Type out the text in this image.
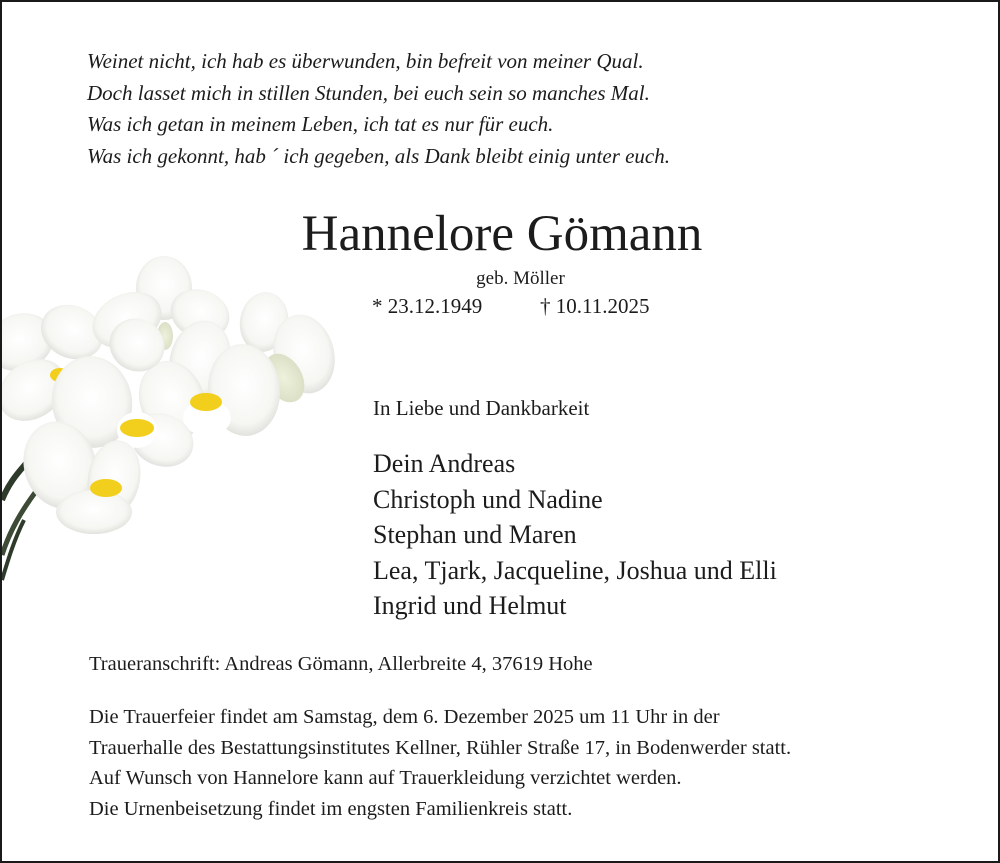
Weinet nicht, ich hab es überwunden, bin befreit von meiner Qual.
Doch lasset mich in stillen Stunden, bei euch sein so manches Mal.
Was ich getan in meinem Leben, ich tat es nur für euch.
Was ich gekonnt, hab ´ ich gegeben, als Dank bleibt einig unter euch.
Hannelore Gömann
geb. Möller
* 23.12.1949	† 10.11.2025
In Liebe und Dankbarkeit
Dein Andreas
Christoph und Nadine
Stephan und Maren
Lea, Tjark, Jacqueline, Joshua und Elli
Ingrid und Helmut
Traueranschrift: Andreas Gömann, Allerbreite 4, 37619 Hohe
Die Trauerfeier findet am Samstag, dem 6. Dezember 2025 um 11 Uhr in der
Trauerhalle des Bestattungsinstitutes Kellner, Rühler Straße 17, in Bodenwerder statt.
Auf Wunsch von Hannelore kann auf Trauerkleidung verzichtet werden.
Die Urnenbeisetzung findet im engsten Familienkreis statt.
